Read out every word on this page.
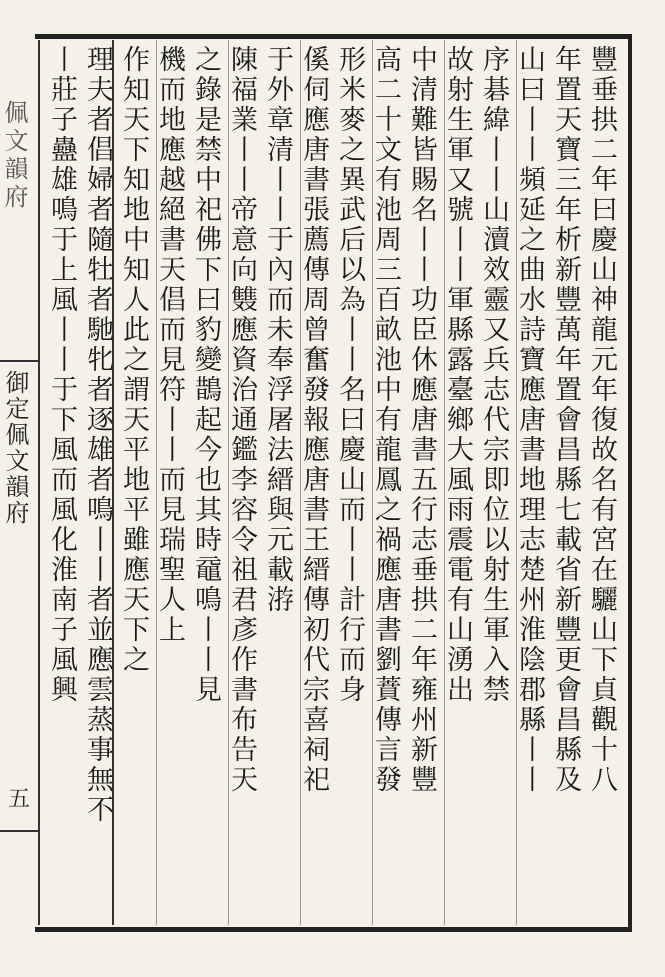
佩文韻府
御定佩文韻府
五
豐垂拱二年曰慶山神龍元年復故名有宮在驪山下貞觀十八
年置天寶三年析新豐萬年置會昌縣七載省新豐更會昌縣及
山曰丨丨頻延之曲水詩寶應唐書地理志楚州淮陰郡縣丨丨
序碁緯丨丨山瀆效靈又兵志代宗即位以射生軍入禁
故射生軍又號丨丨軍縣露臺鄉大風雨震電有山湧出
中清難皆賜名丨丨功臣休應唐書五行志垂拱二年雍州新豐
高二十文有池周三百畝池中有龍鳳之禍應唐書劉蕡傳言發
形米麥之異武后以為丨丨名曰慶山而丨丨計行而身
傒伺應唐書張薦傳周曾奮發報應唐書王縉傳初代宗喜祠祀
于外章清丨丨于內而未奉浮屠法縉與元載㳺
陳福業丨丨帝意向䨇應資治通鑑李容令祖君彥作書布告天
之錄是禁中祀佛下曰豹變鵲起今也其時黿鳴丨丨見
機而地應越絕書天倡而見符丨丨而見瑞聖人上
作知天下知地中知人此之謂天平地平雖應天下之
理夫者倡婦者隨牡者馳牝者逐雄者鳴丨丨者並應雲蒸事無不
丨莊子蠱雄鳴于上風丨丨于下風而風化淮南子風興
